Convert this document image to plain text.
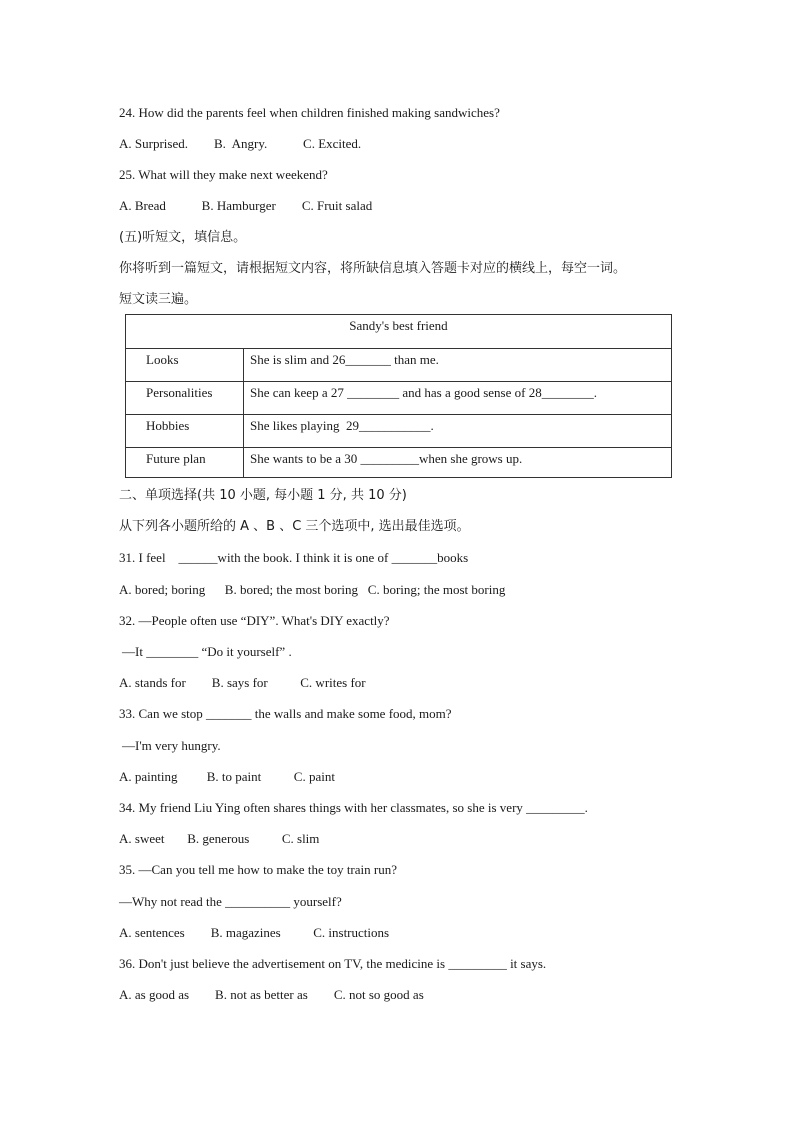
24. How did the parents feel when children finished making sandwiches?
A. Surprised.        B.  Angry.           C. Excited.
25. What will they make next weekend?
A. Bread           B. Hamburger        C. Fruit salad
(五)听短文，填信息。
你将听到一篇短文，请根据短文内容，将所缺信息填入答题卡对应的横线上，每空一词。
短文读三遍。
Sandy's best friend
Looks	She is slim and 26_______ than me.
Personalities	She can keep a 27 ________ and has a good sense of 28________.
Hobbies	She likes playing  29___________.
Future plan	She wants to be a 30 _________when she grows up.
二、单项选择(共 10 小题, 每小题 1 分, 共 10 分)
从下列各小题所给的 A 、B 、C 三个选项中, 选出最佳选项。
31. I feel    ______with the book. I think it is one of _______books
A. bored; boring      B. bored; the most boring   C. boring; the most boring
32. —People often use “DIY”. What's DIY exactly?
—It ________ “Do it yourself” .
A. stands for        B. says for          C. writes for
33. Can we stop _______ the walls and make some food, mom?
—I'm very hungry.
A. painting         B. to paint          C. paint
34. My friend Liu Ying often shares things with her classmates, so she is very _________.
A. sweet       B. generous          C. slim
35. —Can you tell me how to make the toy train run?
—Why not read the __________ yourself?
A. sentences        B. magazines          C. instructions
36. Don't just believe the advertisement on TV, the medicine is _________ it says.
A. as good as        B. not as better as        C. not so good as
